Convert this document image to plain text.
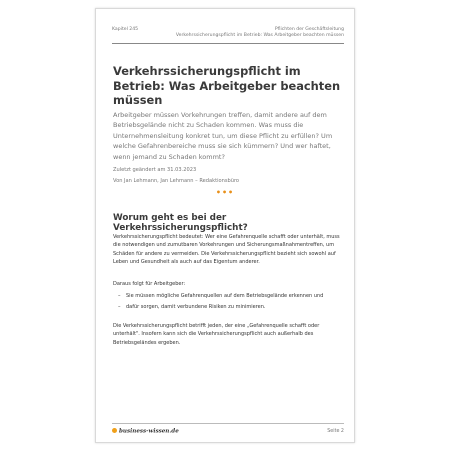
Kapitel 245	Pflichten der Geschäftsleitung
Verkehrssicherungspflicht im Betrieb: Was Arbeitgeber beachten müssen
Verkehrssicherungspflicht im Betrieb: Was Arbeitgeber beachten müssen
Arbeitgeber müssen Vorkehrungen treffen, damit andere auf dem Betriebsgelände nicht zu Schaden kommen. Was muss die Unternehmensleitung konkret tun, um diese Pflicht zu erfüllen? Um welche Gefahrenbereiche muss sie sich kümmern? Und wer haftet, wenn jemand zu Schaden kommt?
Zuletzt geändert am 31.03.2023
Von Jan Lehmann, Jan Lehmann – Redaktionsbüro
•••
Worum geht es bei der Verkehrssicherungspflicht?
Verkehrssicherungspflicht bedeutet: Wer eine Gefahrenquelle schafft oder unterhält, muss die notwendigen und zumutbaren Vorkehrungen und Sicherungsmaßnahmentreffen, um Schäden für andere zu vermeiden. Die Verkehrssicherungspflicht bezieht sich sowohl auf Leben und Gesundheit als auch auf das Eigentum anderer.
Daraus folgt für Arbeitgeber:
– Sie müssen mögliche Gefahrenquellen auf dem Betriebsgelände erkennen und
– dafür sorgen, damit verbundene Risiken zu minimieren.
Die Verkehrssicherungspflicht betrifft jeden, der eine „Gefahrenquelle schafft oder unterhält". Insofern kann sich die Verkehrssicherungspflicht auch außerhalb des Betriebsgeländes ergeben.
business-wissen.de	Seite 2
